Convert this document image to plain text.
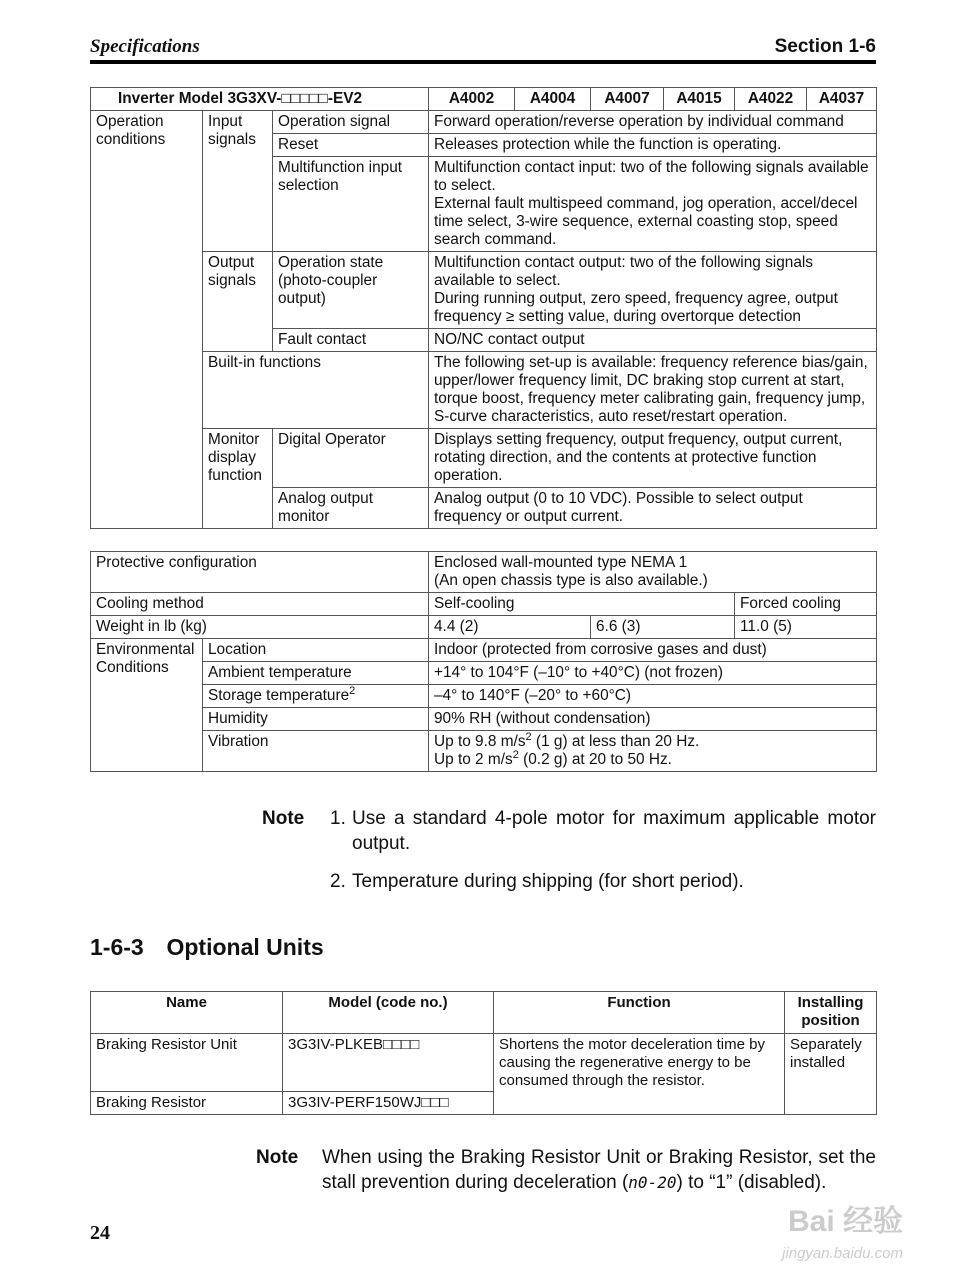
Specifications	Section 1-6
Inverter Model 3G3XV-□□□□□-EV2			A4002	A4004	A4007	A4015	A4022	A4037
Operation conditions	Input signals	Operation signal	Forward operation/reverse operation by individual command					
		Reset	Releases protection while the function is operating.					
		Multifunction input selection	Multifunction contact input: two of the following signals available to select.
External fault multispeed command, jog operation, accel/decel time select, 3-wire sequence, external coasting stop, speed search command.					

	Output signals	Operation state (photo-coupler output)	Multifunction contact output: two of the following signals available to select.
During running output, zero speed, frequency agree, output frequency ≥ setting value, during overtorque detection					

		Fault contact	NO/NC contact output					
	Built-in functions		The following set-up is available: frequency reference bias/gain, upper/lower frequency limit, DC braking stop current at start, torque boost, frequency meter calibrating gain, frequency jump, S-curve characteristics, auto reset/restart operation.					
	Monitor display function	Digital Operator	Displays setting frequency, output frequency, output current, rotating direction, and the contents at protective function operation.					
		Analog output monitor	Analog output (0 to 10 VDC). Possible to select output frequency or output current.					
Protective configuration		Enclosed wall-mounted type NEMA 1
(An open chassis type is also available.)		

Cooling method		Self-cooling		Forced cooling
Weight in lb (kg)		4.4 (2)	6.6 (3)	11.0 (5)
Environmental Conditions	Location	Indoor (protected from corrosive gases and dust)		
	Ambient temperature	+14° to 104°F (–10° to +40°C) (not frozen)		
	Storage temperature$^2$	–4° to 140°F (–20° to +60°C)		
	Humidity	90% RH (without condensation)		
	Vibration	Up to 9.8 $m/s^2$ (1 g) at less than 20 Hz.
Up to 2 $m/s^2$ (0.2 g) at 20 to 50 Hz.		
Note 1. Use a standard 4-pole motor for maximum applicable motor output.
2. Temperature during shipping (for short period).
1-6-3 Optional Units
Name	Model (code no.)	Function	Installing position
Braking Resistor Unit	3G3IV-PLKEB□□□□	Shortens the motor deceleration time by causing the regenerative energy to be consumed through the resistor.	Separately installed
Braking Resistor	3G3IV-PERF150WJ□□□		
Note When using the Braking Resistor Unit or Braking Resistor, set the stall prevention during deceleration (n0-20) to “1” (disabled).
24	Bai 经验
jingyan.baidu.com
